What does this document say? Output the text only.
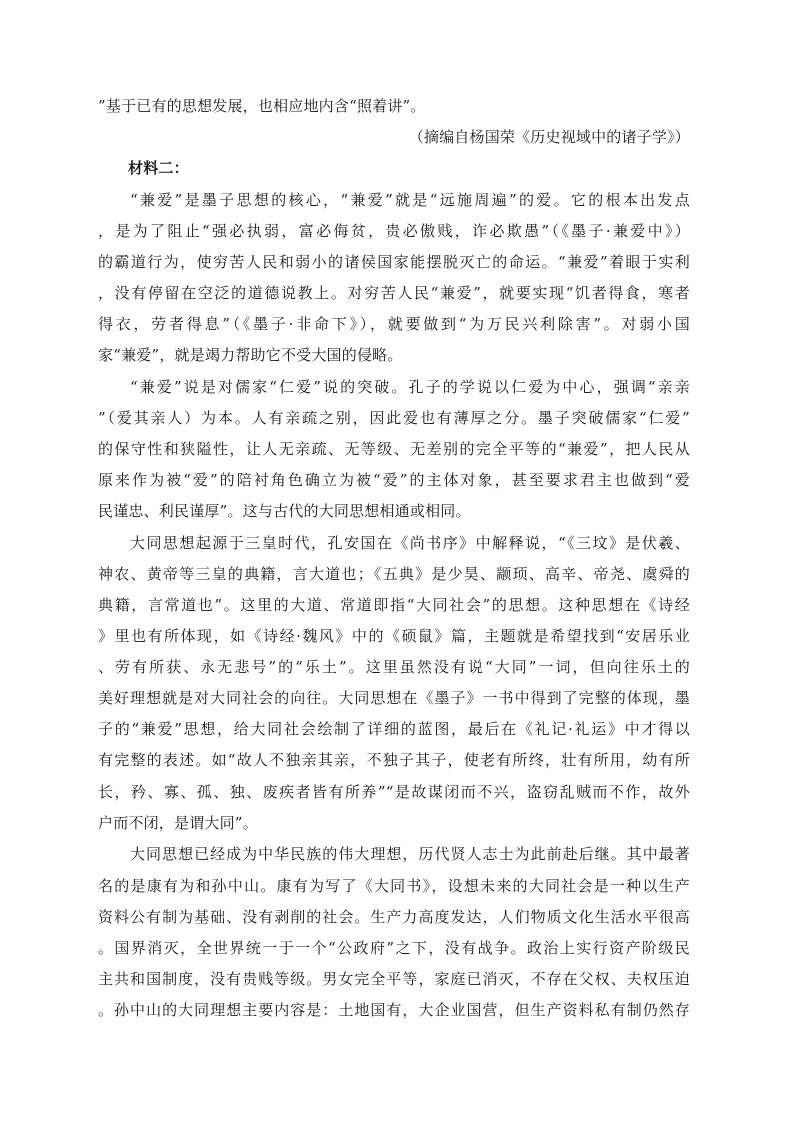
”基于已有的思想发展，也相应地内含“照着讲”。
（摘编自杨国荣《历史视域中的诸子学》）
材料二：
“兼爱”是墨子思想的核心，“兼爱”就是“远施周遍”的爱。它的根本出发点
，是为了阻止“强必执弱，富必侮贫，贵必傲贱，诈必欺愚”（《墨子·兼爱中》）
的霸道行为，使穷苦人民和弱小的诸侯国家能摆脱灭亡的命运。“兼爱”着眼于实利
，没有停留在空泛的道德说教上。对穷苦人民“兼爱”，就要实现“饥者得食，寒者
得衣，劳者得息”（《墨子·非命下》），就要做到“为万民兴利除害”。对弱小国
家“兼爱”，就是竭力帮助它不受大国的侵略。
“兼爱”说是对儒家“仁爱”说的突破。孔子的学说以仁爱为中心，强调“亲亲
”（爱其亲人）为本。人有亲疏之别，因此爱也有薄厚之分。墨子突破儒家“仁爱”
的保守性和狭隘性，让人无亲疏、无等级、无差别的完全平等的“兼爱”，把人民从
原来作为被“爱”的陪衬角色确立为被“爱”的主体对象，甚至要求君主也做到“爱
民谨忠、利民谨厚”。这与古代的大同思想相通或相同。
大同思想起源于三皇时代，孔安国在《尚书序》中解释说，“《三坟》是伏羲、
神农、黄帝等三皇的典籍，言大道也；《五典》是少昊、颛顼、高辛、帝尧、虞舜的
典籍，言常道也”。这里的大道、常道即指“大同社会”的思想。这种思想在《诗经
》里也有所体现，如《诗经·魏风》中的《硕鼠》篇，主题就是希望找到“安居乐业
、劳有所获、永无悲号”的“乐土”。这里虽然没有说“大同”一词，但向往乐土的
美好理想就是对大同社会的向往。大同思想在《墨子》一书中得到了完整的体现，墨
子的“兼爱”思想，给大同社会绘制了详细的蓝图，最后在《礼记·礼运》中才得以
有完整的表述。如“故人不独亲其亲，不独子其子，使老有所终，壮有所用，幼有所
长，矜、寡、孤、独、废疾者皆有所养”“是故谋闭而不兴，盗窃乱贼而不作，故外
户而不闭，是谓大同”。
大同思想已经成为中华民族的伟大理想，历代贤人志士为此前赴后继。其中最著
名的是康有为和孙中山。康有为写了《大同书》，设想未来的大同社会是一种以生产
资料公有制为基础、没有剥削的社会。生产力高度发达，人们物质文化生活水平很高
。国界消灭，全世界统一于一个“公政府”之下，没有战争。政治上实行资产阶级民
主共和国制度，没有贵贱等级。男女完全平等，家庭已消灭，不存在父权、夫权压迫
。孙中山的大同理想主要内容是：土地国有，大企业国营，但生产资料私有制仍然存
